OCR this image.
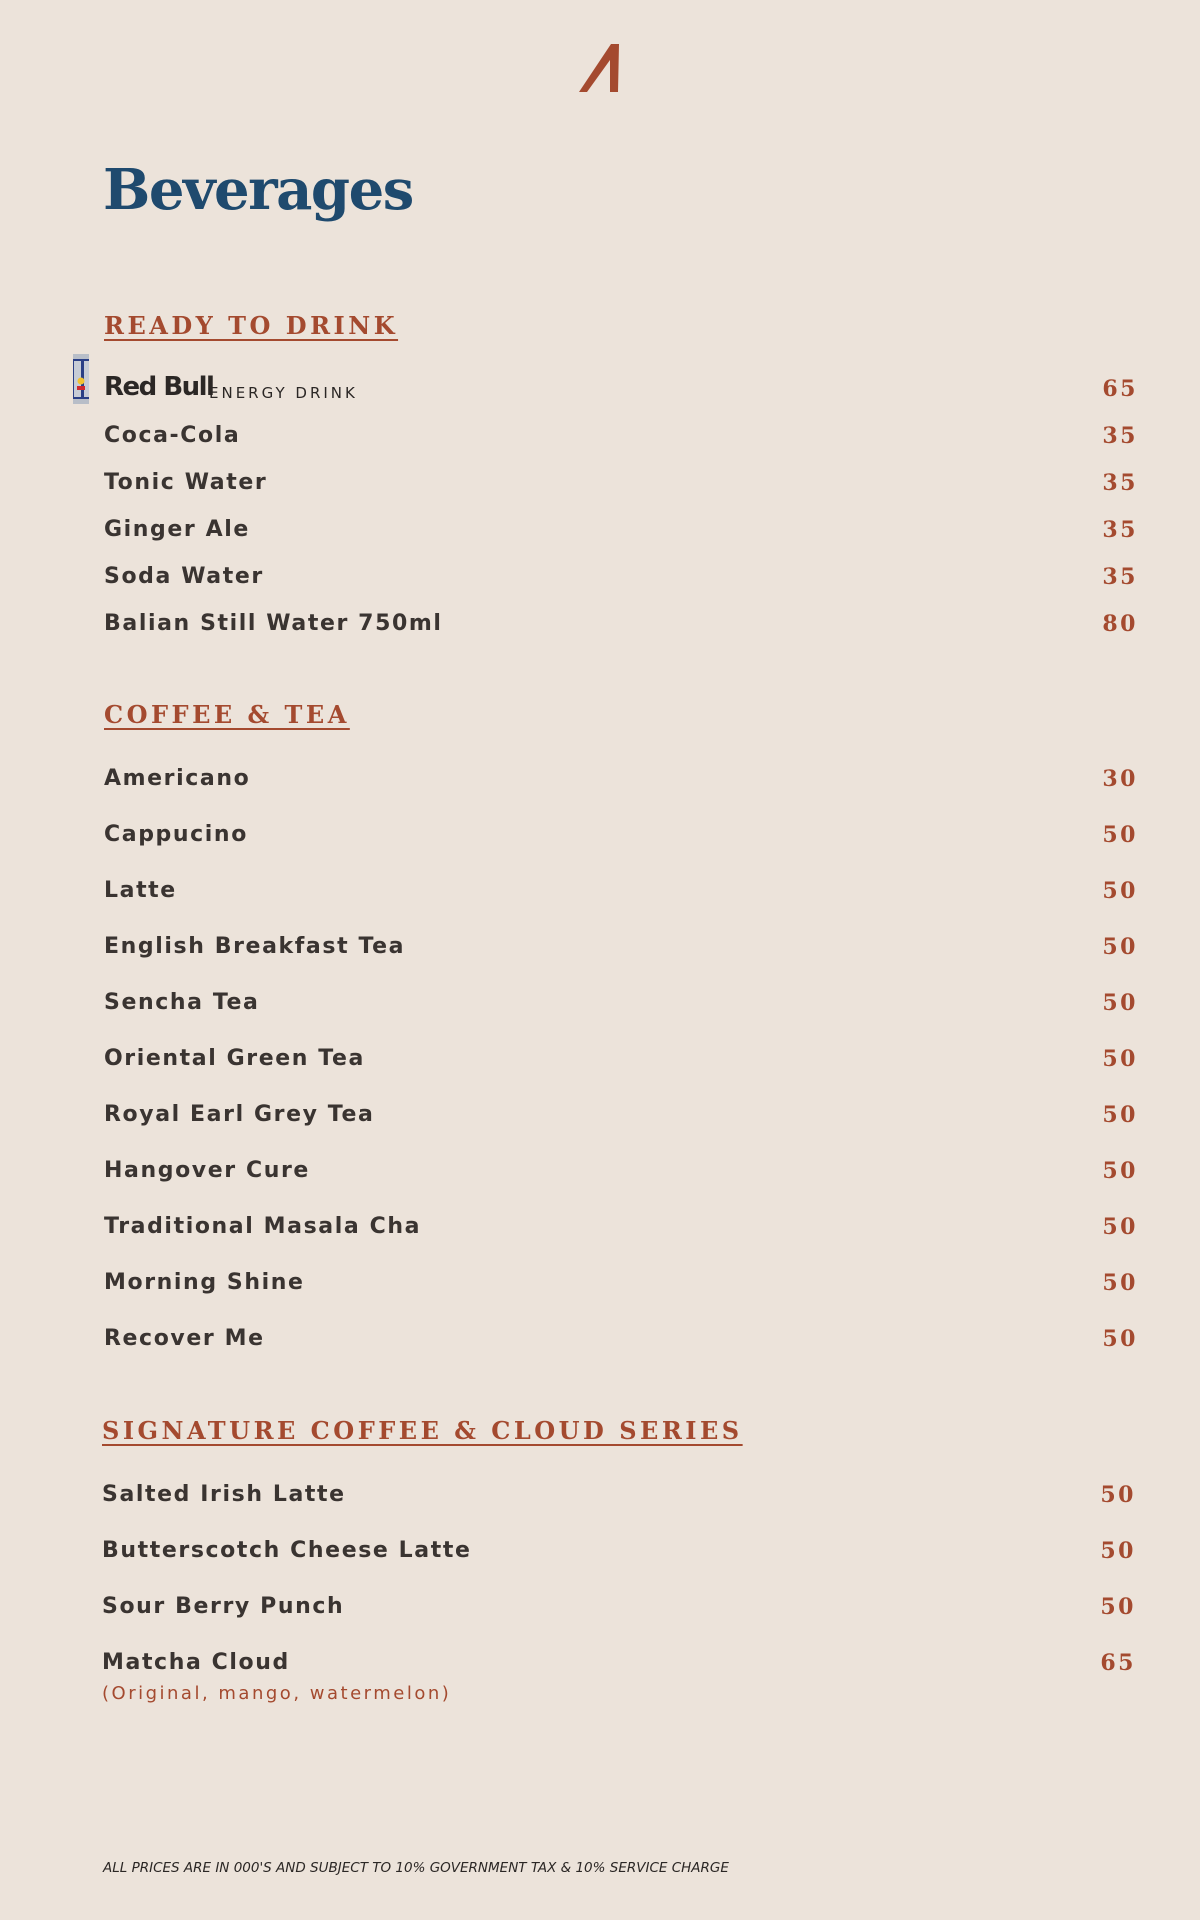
Beverages
READY TO DRINK
Red Bull
ENERGY DRINK	65
Coca-Cola	35
Tonic Water	35
Ginger Ale	35
Soda Water	35
Balian Still Water 750ml	80
COFFEE & TEA
Americano	30
Cappucino	50
Latte	50
English Breakfast Tea	50
Sencha Tea	50
Oriental Green Tea	50
Royal Earl Grey Tea	50
Hangover Cure	50
Traditional Masala Cha	50
Morning Shine	50
Recover Me	50
SIGNATURE COFFEE & CLOUD SERIES
Salted Irish Latte	50
Butterscotch Cheese Latte	50
Sour Berry Punch	50
Matcha Cloud	65
(Original, mango, watermelon)
ALL PRICES ARE IN 000'S AND SUBJECT TO 10% GOVERNMENT TAX & 10% SERVICE CHARGE
